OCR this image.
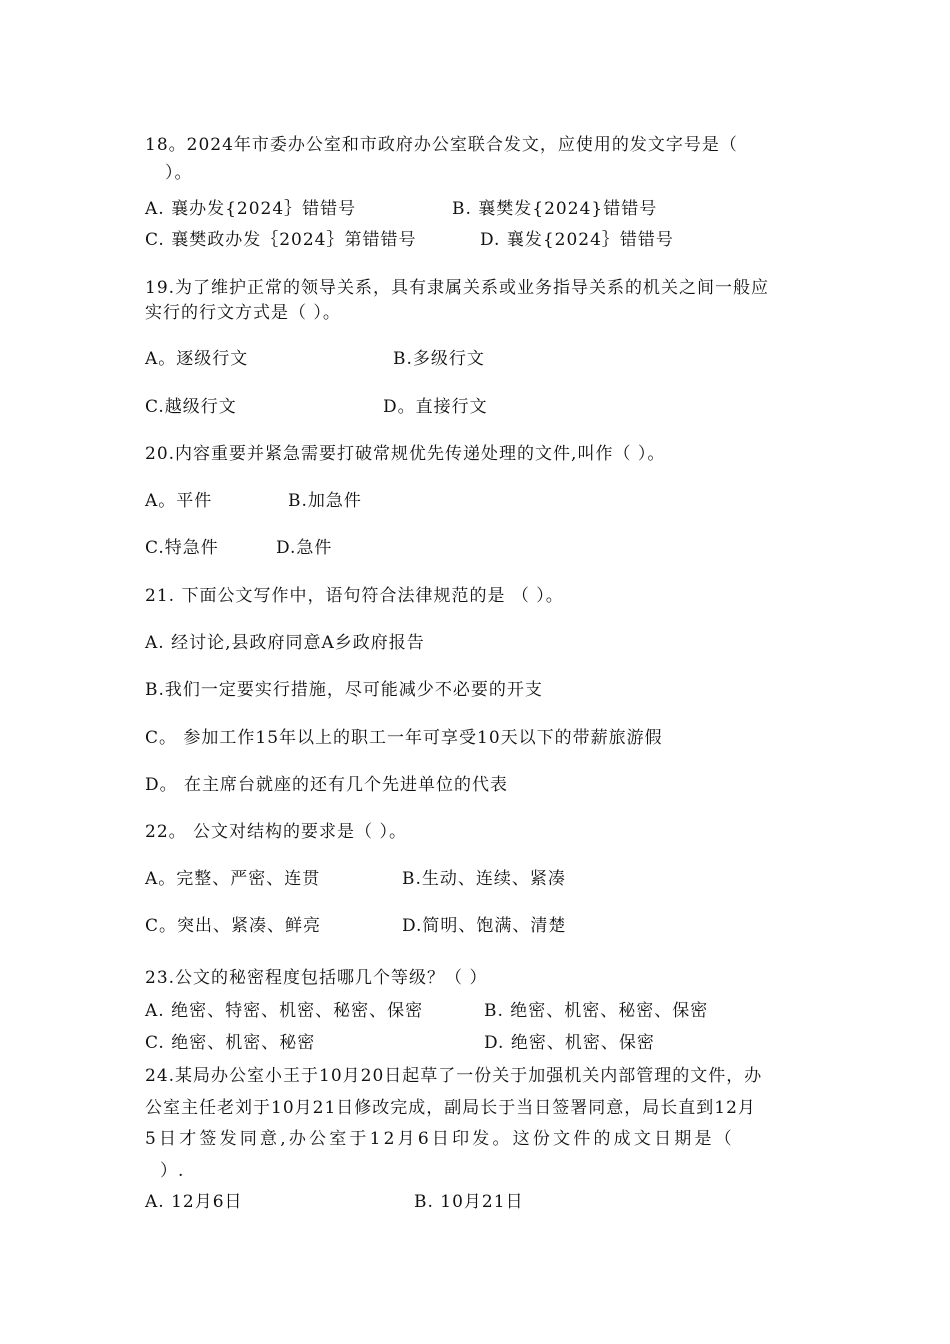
18。2024年市委办公室和市政府办公室联合发文，应使用的发文字号是（
）。
A. 襄办发{2024｝错错号	B. 襄樊发{2024}错错号
C. 襄樊政办发｛2024｝第错错号	D. 襄发{2024｝错错号
19.为了维护正常的领导关系，具有隶属关系或业务指导关系的机关之间一般应
实行的行文方式是（ ）。
A。逐级行文	B.多级行文
C.越级行文	D。直接行文
20.内容重要并紧急需要打破常规优先传递处理的文件,叫作（ ）。
A。平件	B.加急件
C.特急件	D.急件
21. 下面公文写作中，语句符合法律规范的是 （ ）。
A. 经讨论,县政府同意A乡政府报告
B.我们一定要实行措施，尽可能减少不必要的开支
C。 参加工作15年以上的职工一年可享受10天以下的带薪旅游假
D。 在主席台就座的还有几个先进单位的代表
22。 公文对结构的要求是（ ）。
A。完整、严密、连贯	B.生动、连续、紧凑
C。突出、紧凑、鲜亮	D.简明、饱满、清楚
23.公文的秘密程度包括哪几个等级？（ ）
A. 绝密、特密、机密、秘密、保密	B. 绝密、机密、秘密、保密
C. 绝密、机密、秘密	D. 绝密、机密、保密
24.某局办公室小王于10月20日起草了一份关于加强机关内部管理的文件，办
公室主任老刘于10月21日修改完成，副局长于当日签署同意，局长直到12月
5日才签发同意,办公室于12月6日印发。这份文件的成文日期是（
）.
A. 12月6日	B. 10月21日
